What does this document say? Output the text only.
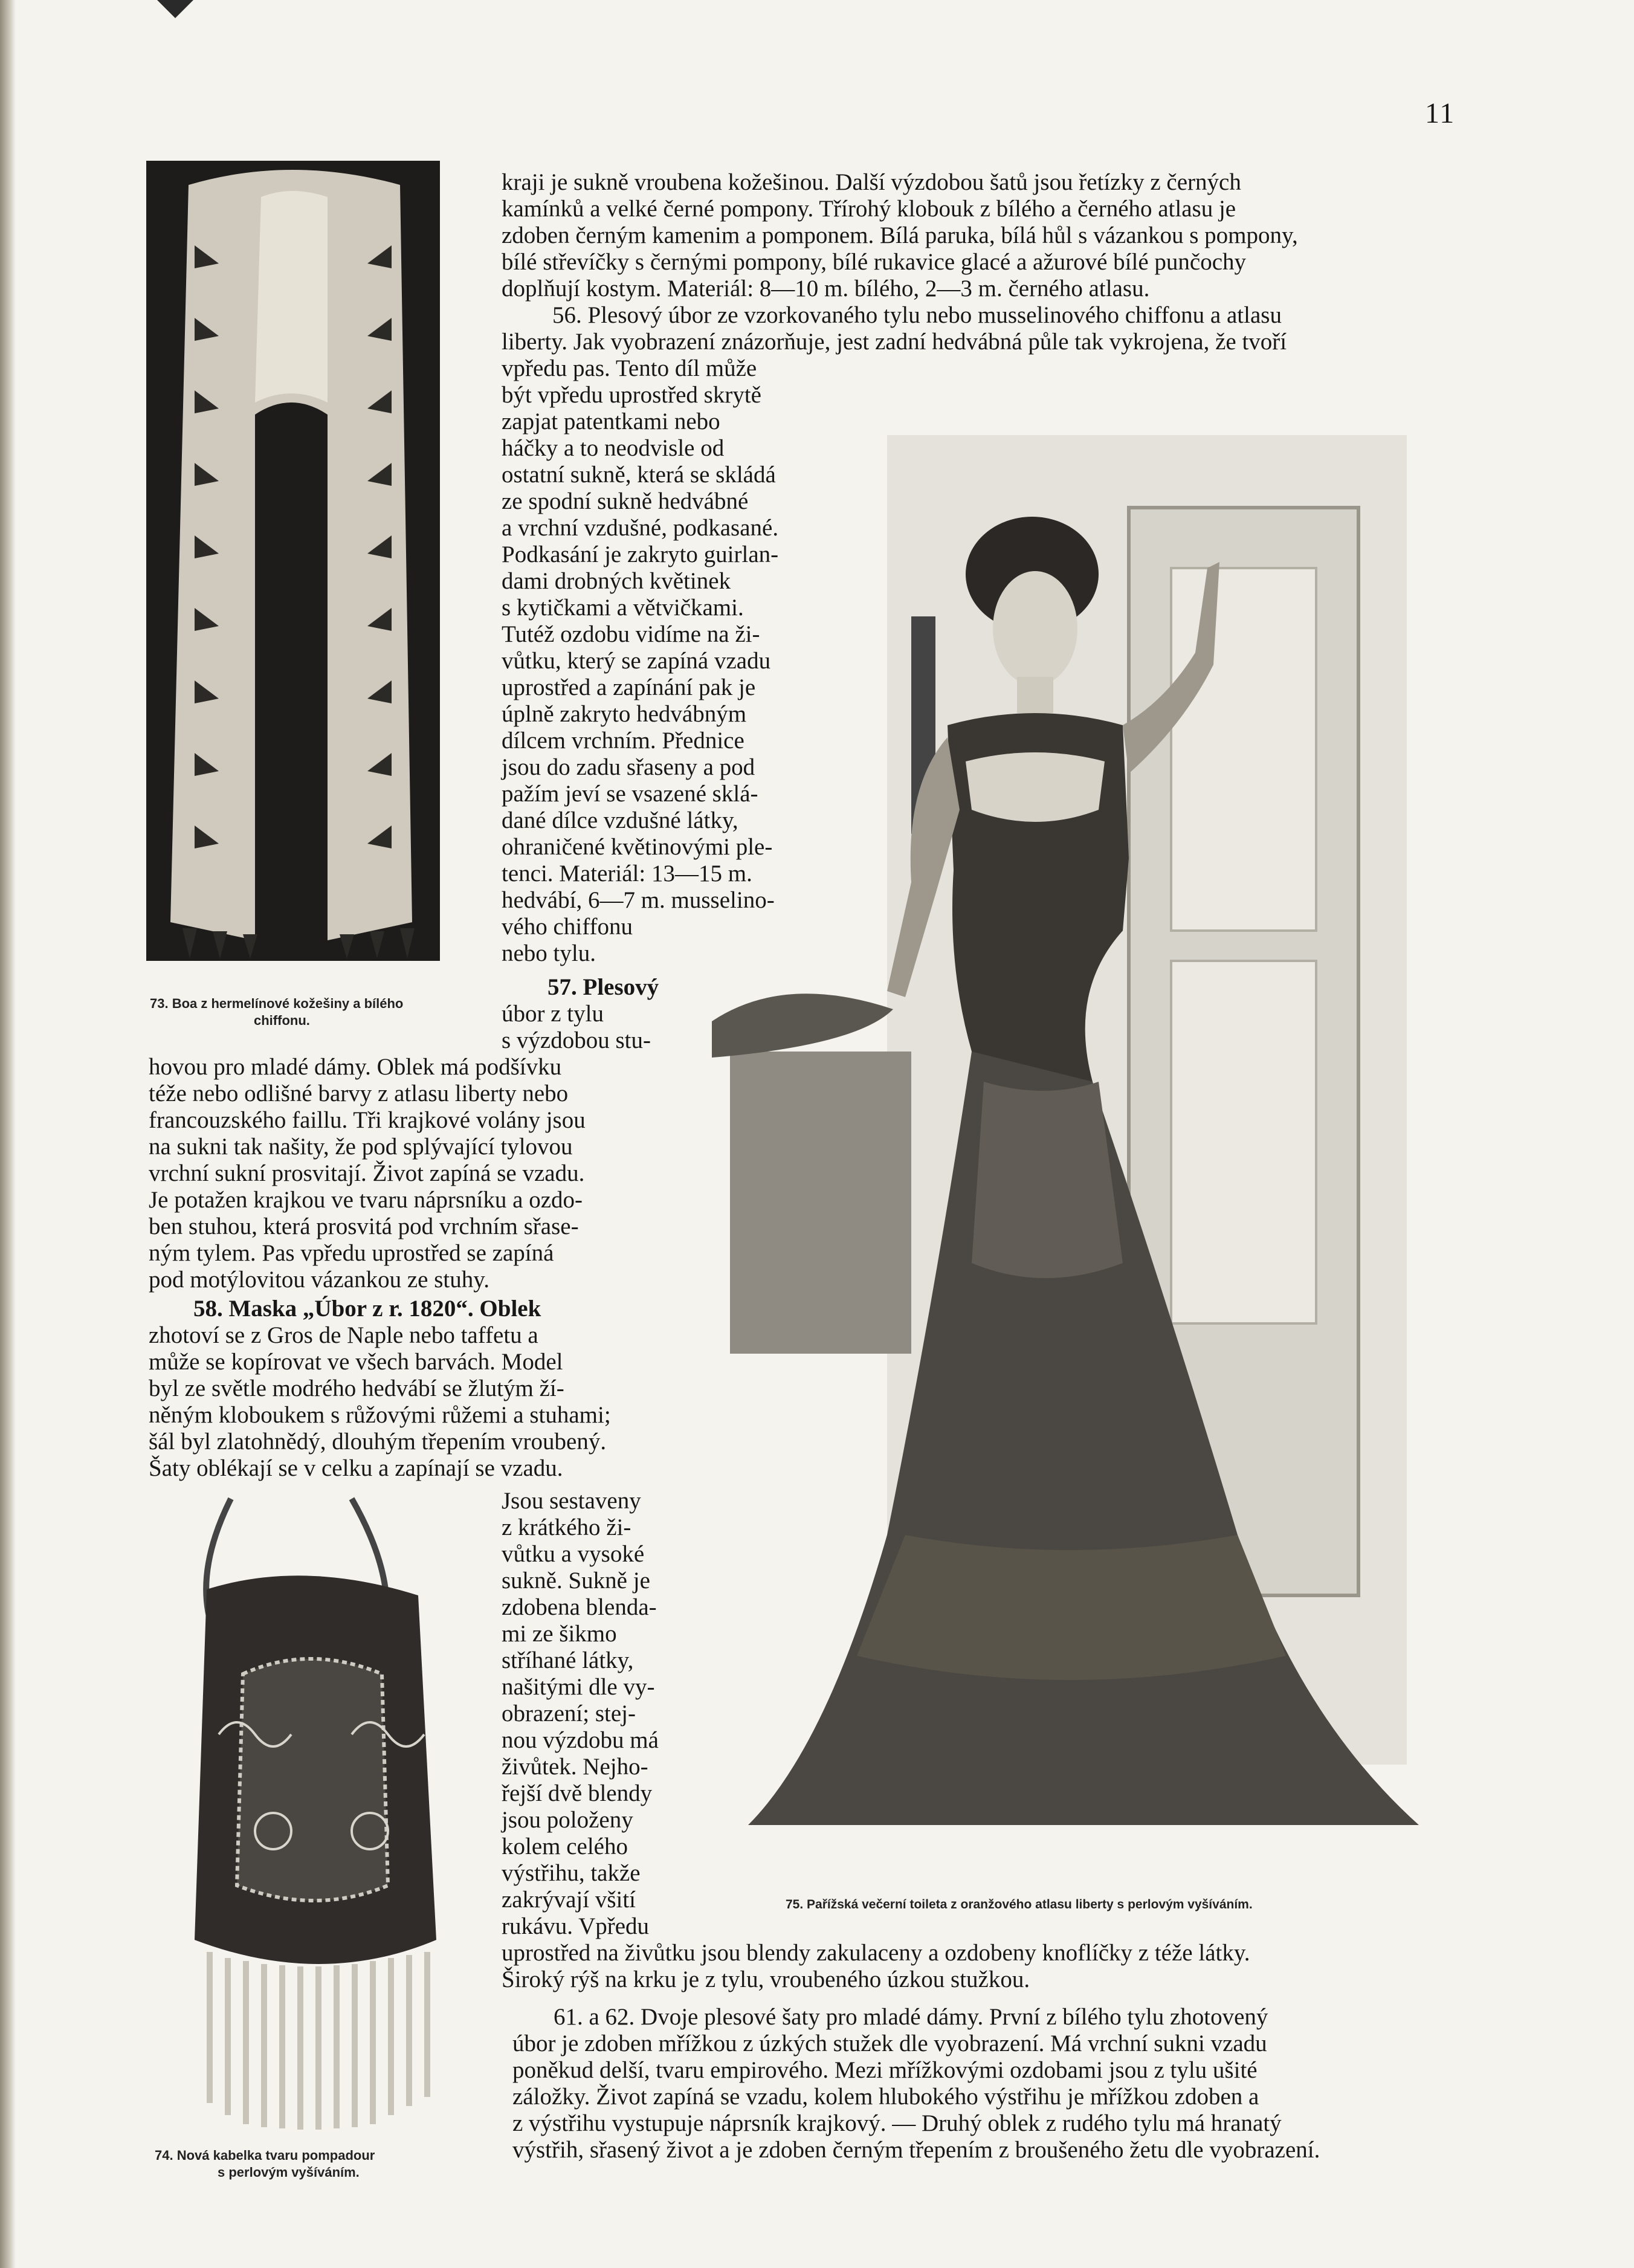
11
73. Boa z hermelínové kožešiny a bílého
chiffonu.
74. Nová kabelka tvaru pompadour
s perlovým vyšíváním.
75. Pařížská večerní toileta z oranžového atlasu liberty s perlovým vyšíváním.
kraji je sukně vroubena kožešinou. Další výzdobou šatů jsou řetízky z černých
kamínků a velké černé pompony. Třírohý klobouk z bílého a černého atlasu je
zdoben černým kamenim a pomponem. Bílá paruka, bílá hůl s vázankou s pompony,
bílé střevíčky s černými pompony, bílé rukavice glacé a ažurové bílé punčochy
doplňují kostym. Materiál: 8—10 m. bílého, 2—3 m. černého atlasu.
56. Plesový úbor ze vzorkovaného tylu nebo musselinového chiffonu a atlasu
liberty. Jak vyobrazení znázorňuje, jest zadní hedvábná půle tak vykrojena, že tvoří
vpředu pas. Tento díl může
být vpředu uprostřed skrytě
zapjat patentkami nebo
háčky a to neodvisle od
ostatní sukně, která se skládá
ze spodní sukně hedvábné
a vrchní vzdušné, podkasané.
Podkasání je zakryto guirlan-
dami drobných květinek
s kytičkami a větvičkami.
Tutéž ozdobu vidíme na ži-
vůtku, který se zapíná vzadu
uprostřed a zapínání pak je
úplně zakryto hedvábným
dílcem vrchním. Přednice
jsou do zadu sřaseny a pod
pažím jeví se vsazené sklá-
dané dílce vzdušné látky,
ohraničené květinovými ple-
tenci. Materiál: 13—15 m.
hedvábí, 6—7 m. musselino-
vého chiffonu
nebo tylu.
57. Plesový
úbor z tylu
s výzdobou stu-
hovou pro mladé dámy. Oblek má podšívku
téže nebo odlišné barvy z atlasu liberty nebo
francouzského faillu. Tři krajkové volány jsou
na sukni tak našity, že pod splývající tylovou
vrchní sukní prosvitají. Život zapíná se vzadu.
Je potažen krajkou ve tvaru náprsníku a ozdo-
ben stuhou, která prosvitá pod vrchním sřase-
ným tylem. Pas vpředu uprostřed se zapíná
pod motýlovitou vázankou ze stuhy.
58. Maska „Úbor z r. 1820“. Oblek
zhotoví se z Gros de Naple nebo taffetu a
může se kopírovat ve všech barvách. Model
byl ze světle modrého hedvábí se žlutým ží-
něným kloboukem s růžovými růžemi a stuhami;
šál byl zlatohnědý, dlouhým třepením vroubený.
Šaty oblékají se v celku a zapínají se vzadu.
Jsou sestaveny
z krátkého ži-
vůtku a vysoké
sukně. Sukně je
zdobena blenda-
mi ze šikmo
stříhané látky,
našitými dle vy-
obrazení; stej-
nou výzdobu má
živůtek. Nejho-
řejší dvě blendy
jsou položeny
kolem celého
výstřihu, takže
zakrývají všití
rukávu. Vpředu
uprostřed na živůtku jsou blendy zakulaceny a ozdobeny knoflíčky z téže látky.
Široký rýš na krku je z tylu, vroubeného úzkou stužkou.
61. a 62. Dvoje plesové šaty pro mladé dámy. První z bílého tylu zhotovený
úbor je zdoben mřížkou z úzkých stužek dle vyobrazení. Má vrchní sukni vzadu
poněkud delší, tvaru empirového. Mezi mřížkovými ozdobami jsou z tylu ušité
záložky. Život zapíná se vzadu, kolem hlubokého výstřihu je mřížkou zdoben a
z výstřihu vystupuje náprsník krajkový. — Druhý oblek z rudého tylu má hranatý
výstřih, sřasený život a je zdoben černým třepením z broušeného žetu dle vyobrazení.
